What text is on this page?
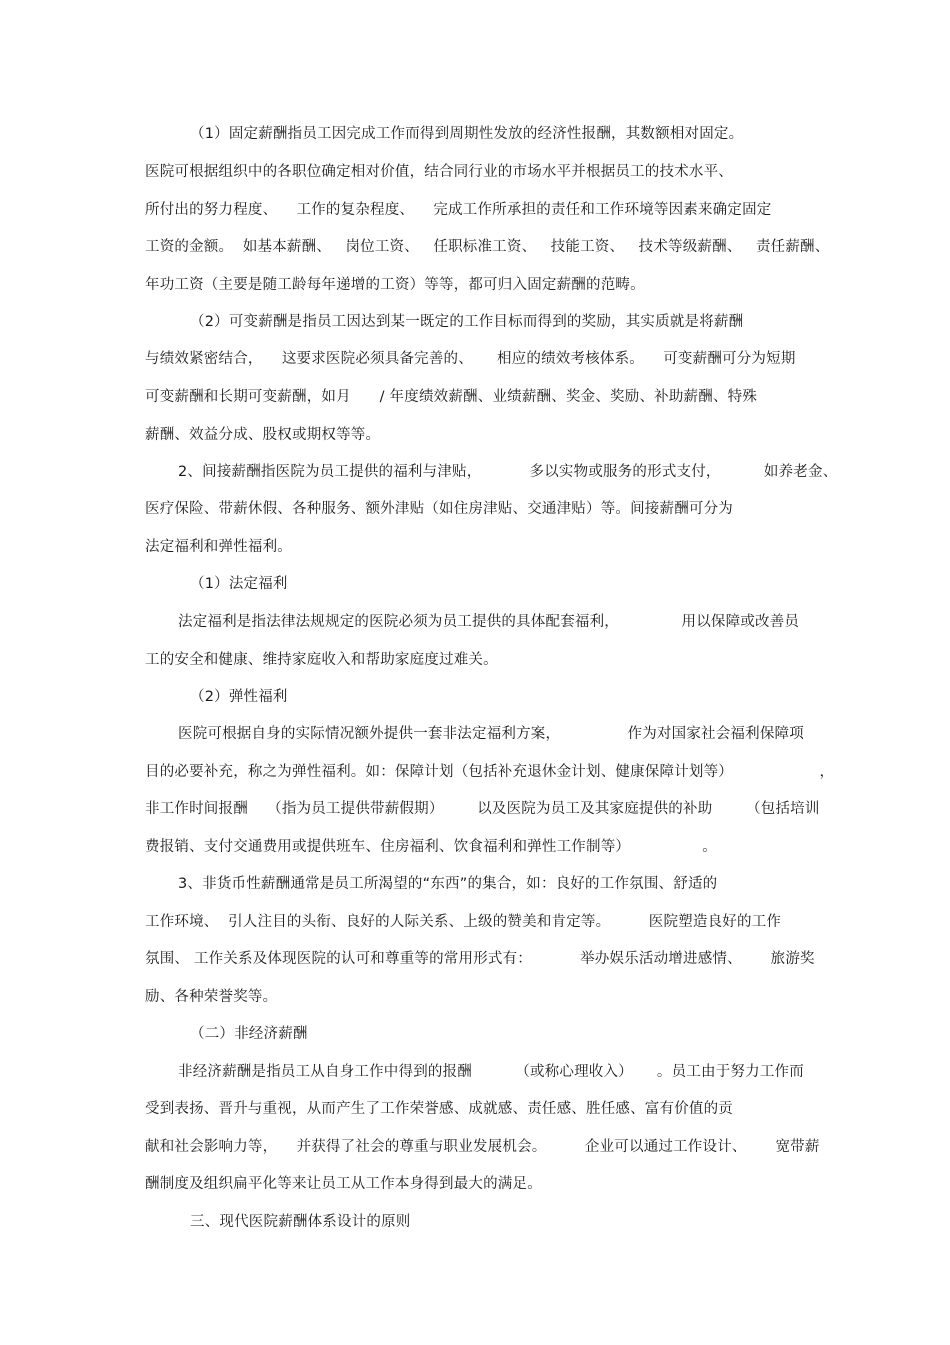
（1）固定薪酬指员工因完成工作而得到周期性发放的经济性报酬，其数额相对固定。
医院可根据组织中的各职位确定相对价值，结合同行业的市场水平并根据员工的技术水平、
所付出的努力程度、    工作的复杂程度、    完成工作所承担的责任和工作环境等因素来确定固定
工资的金额。  如基本薪酬、   岗位工资、   任职标准工资、   技能工资、   技术等级薪酬、   责任薪酬、
年功工资（主要是随工龄每年递增的工资）等等，都可归入固定薪酬的范畴。
（2）可变薪酬是指员工因达到某一既定的工作目标而得到的奖励，其实质就是将薪酬
与绩效紧密结合，    这要求医院必须具备完善的、     相应的绩效考核体系。    可变薪酬可分为短期
可变薪酬和长期可变薪酬，如月      / 年度绩效薪酬、业绩薪酬、奖金、奖励、补助薪酬、特殊
薪酬、效益分成、股权或期权等等。
2、间接薪酬指医院为员工提供的福利与津贴，          多以实物或服务的形式支付，         如养老金、
医疗保险、带薪休假、各种服务、额外津贴（如住房津贴、交通津贴）等。间接薪酬可分为
法定福利和弹性福利。
（1）法定福利
法定福利是指法律法规规定的医院必须为员工提供的具体配套福利，             用以保障或改善员
工的安全和健康、维持家庭收入和帮助家庭度过难关。
（2）弹性福利
医院可根据自身的实际情况额外提供一套非法定福利方案，              作为对国家社会福利保障项
目的必要补充，称之为弹性福利。如：保障计划（包括补充退休金计划、健康保障计划等）                  ，
非工作时间报酬    （指为员工提供带薪假期）       以及医院为员工及其家庭提供的补助       （包括培训
费报销、支付交通费用或提供班车、住房福利、饮食福利和弹性工作制等）               。
3、非货币性薪酬通常是员工所渴望的“东西”的集合，如：良好的工作氛围、舒适的
工作环境、  引人注目的头衔、良好的人际关系、上级的赞美和肯定等。        医院塑造良好的工作
氛围、 工作关系及体现医院的认可和尊重等的常用形式有：          举办娱乐活动增进感情、      旅游奖
励、各种荣誉奖等。
（二）非经济薪酬
非经济薪酬是指员工从自身工作中得到的报酬         （或称心理收入）     。员工由于努力工作而
受到表扬、晋升与重视，从而产生了工作荣誉感、成就感、责任感、胜任感、富有价值的贡
献和社会影响力等，    并获得了社会的尊重与职业发展机会。        企业可以通过工作设计、      宽带薪
酬制度及组织扁平化等来让员工从工作本身得到最大的满足。
三、现代医院薪酬体系设计的原则
